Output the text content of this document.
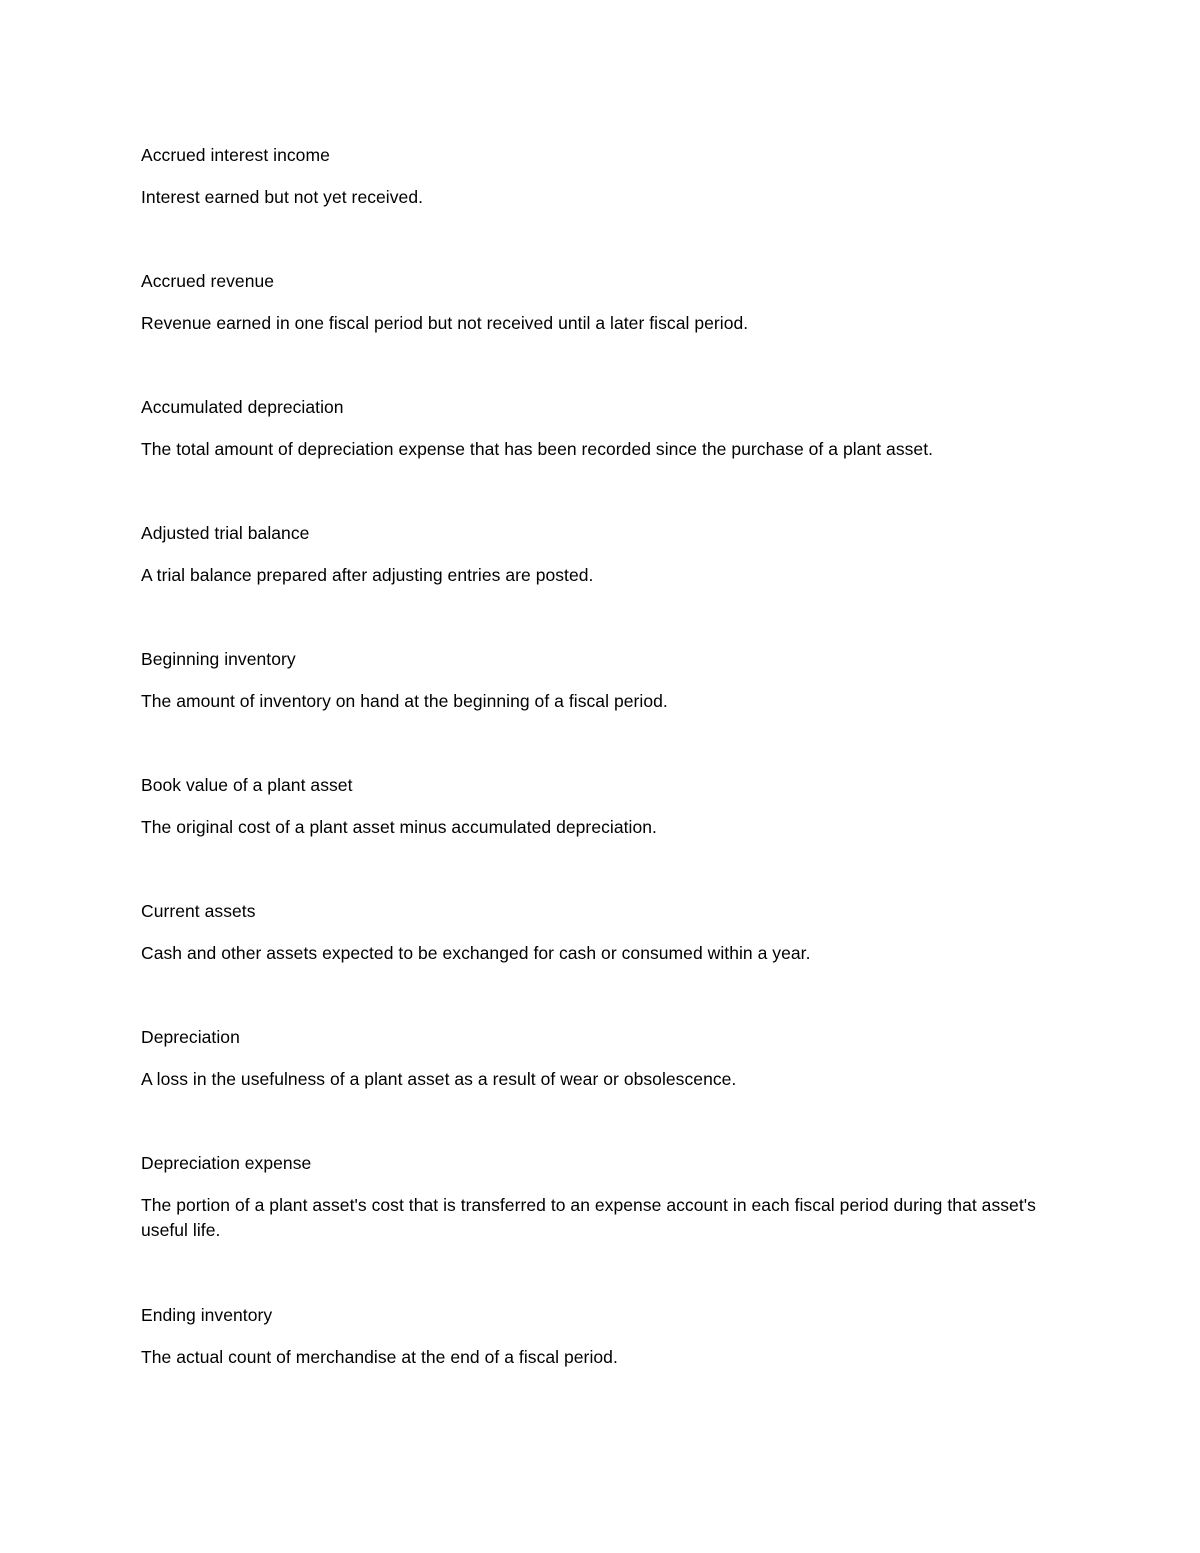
Accrued interest income

Interest earned but not yet received.

Accrued revenue

Revenue earned in one fiscal period but not received until a later fiscal period.

Accumulated depreciation

The total amount of depreciation expense that has been recorded since the purchase of a plant asset.

Adjusted trial balance

A trial balance prepared after adjusting entries are posted.

Beginning inventory

The amount of inventory on hand at the beginning of a fiscal period.

Book value of a plant asset

The original cost of a plant asset minus accumulated depreciation.

Current assets

Cash and other assets expected to be exchanged for cash or consumed within a year.

Depreciation

A loss in the usefulness of a plant asset as a result of wear or obsolescence.

Depreciation expense

The portion of a plant asset's cost that is transferred to an expense account in each fiscal period during that asset's useful life.

Ending inventory

The actual count of merchandise at the end of a fiscal period.
